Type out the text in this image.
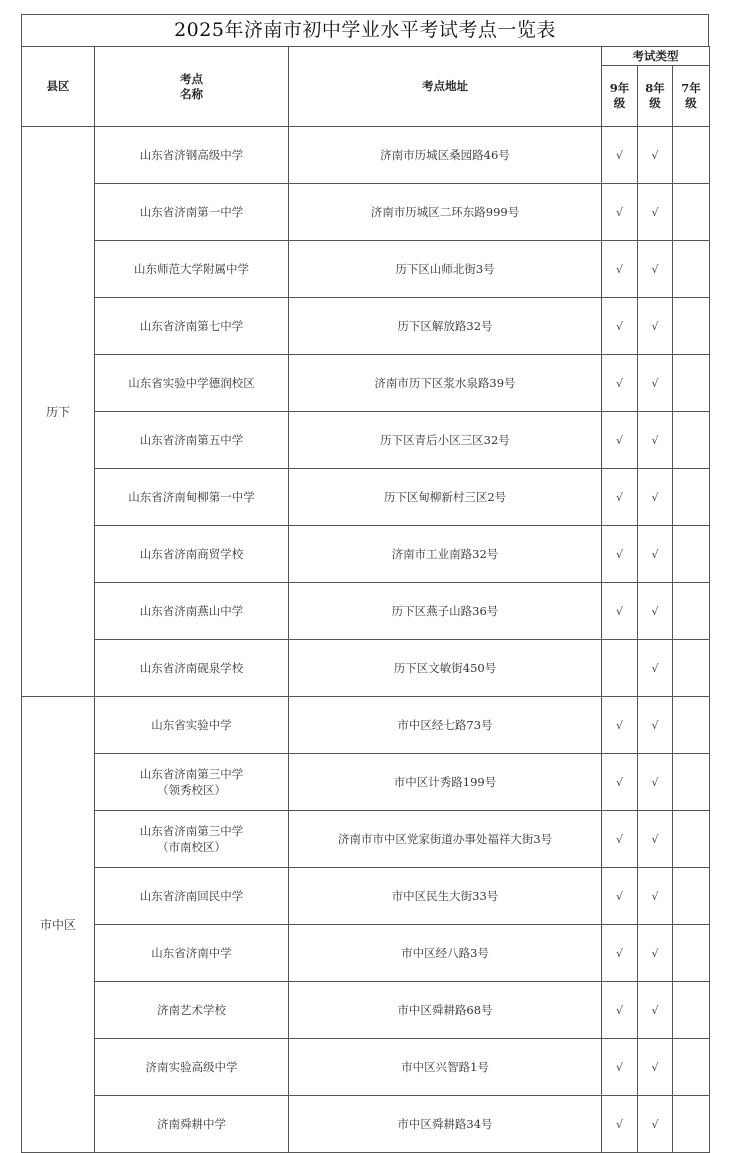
2025年济南市初中学业水平考试考点一览表
县区	考点
名称	考点地址	考试类型		
			9年级	8年级	7年级
历下	山东省济钢高级中学	济南市历城区桑园路46号	√	√	

	山东省济南第一中学	济南市历城区二环东路999号	√	√	

	山东师范大学附属中学	历下区山师北街3号	√	√	

	山东省济南第七中学	历下区解放路32号	√	√	

	山东省实验中学德润校区	济南市历下区浆水泉路39号	√	√	

	山东省济南第五中学	历下区青后小区三区32号	√	√	

	山东省济南甸柳第一中学	历下区甸柳新村三区2号	√	√	

	山东省济南商贸学校	济南市工业南路32号	√	√	

	山东省济南燕山中学	历下区燕子山路36号	√	√	

	山东省济南砚泉学校	历下区文敏街450号		√	
市中区	山东省实验中学	市中区经七路73号	√	√	

	山东省济南第三中学
（领秀校区）	市中区计秀路199号	√	√	

	山东省济南第三中学
（市南校区）	济南市市中区党家街道办事处福祥大街3号	√	√	

	山东省济南回民中学	市中区民生大街33号	√	√	

	山东省济南中学	市中区经八路3号	√	√	

	济南艺术学校	市中区舜耕路68号	√	√	

	济南实验高级中学	市中区兴智路1号	√	√	

	济南舜耕中学	市中区舜耕路34号	√	√	
